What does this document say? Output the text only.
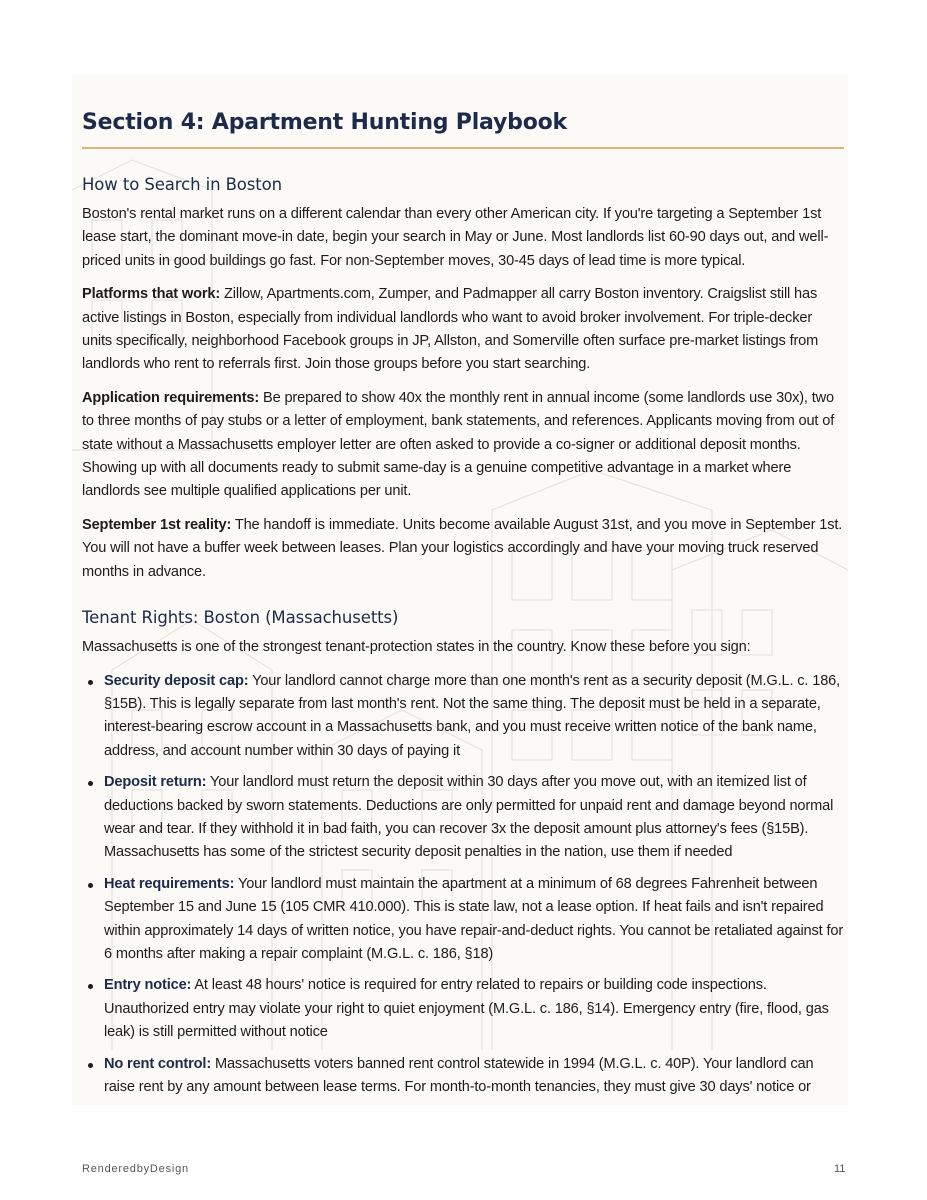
Section 4: Apartment Hunting Playbook
How to Search in Boston

Boston's rental market runs on a different calendar than every other American city. If you're targeting a September 1st lease start, the dominant move-in date, begin your search in May or June. Most landlords list 60-90 days out, and well-priced units in good buildings go fast. For non-September moves, 30-45 days of lead time is more typical.

Platforms that work: Zillow, Apartments.com, Zumper, and Padmapper all carry Boston inventory. Craigslist still has active listings in Boston, especially from individual landlords who want to avoid broker involvement. For triple-decker units specifically, neighborhood Facebook groups in JP, Allston, and Somerville often surface pre-market listings from landlords who rent to referrals first. Join those groups before you start searching.

Application requirements: Be prepared to show 40x the monthly rent in annual income (some landlords use 30x), two to three months of pay stubs or a letter of employment, bank statements, and references. Applicants moving from out of state without a Massachusetts employer letter are often asked to provide a co-signer or additional deposit months. Showing up with all documents ready to submit same-day is a genuine competitive advantage in a market where landlords see multiple qualified applications per unit.

September 1st reality: The handoff is immediate. Units become available August 31st, and you move in September 1st. You will not have a buffer week between leases. Plan your logistics accordingly and have your moving truck reserved months in advance.

Tenant Rights: Boston (Massachusetts)

Massachusetts is one of the strongest tenant-protection states in the country. Know these before you sign:

Security deposit cap: Your landlord cannot charge more than one month's rent as a security deposit (M.G.L. c. 186, §15B). This is legally separate from last month's rent. Not the same thing. The deposit must be held in a separate, interest-bearing escrow account in a Massachusetts bank, and you must receive written notice of the bank name, address, and account number within 30 days of paying it
Deposit return: Your landlord must return the deposit within 30 days after you move out, with an itemized list of deductions backed by sworn statements. Deductions are only permitted for unpaid rent and damage beyond normal wear and tear. If they withhold it in bad faith, you can recover 3x the deposit amount plus attorney's fees (§15B). Massachusetts has some of the strictest security deposit penalties in the nation, use them if needed
Heat requirements: Your landlord must maintain the apartment at a minimum of 68 degrees Fahrenheit between September 15 and June 15 (105 CMR 410.000). This is state law, not a lease option. If heat fails and isn't repaired within approximately 14 days of written notice, you have repair-and-deduct rights. You cannot be retaliated against for 6 months after making a repair complaint (M.G.L. c. 186, §18)
Entry notice: At least 48 hours' notice is required for entry related to repairs or building code inspections. Unauthorized entry may violate your right to quiet enjoyment (M.G.L. c. 186, §14). Emergency entry (fire, flood, gas leak) is still permitted without notice
No rent control: Massachusetts voters banned rent control statewide in 1994 (M.G.L. c. 40P). Your landlord can raise rent by any amount between lease terms. For month-to-month tenancies, they must give 30 days' notice or
RenderedbyDesign	11
